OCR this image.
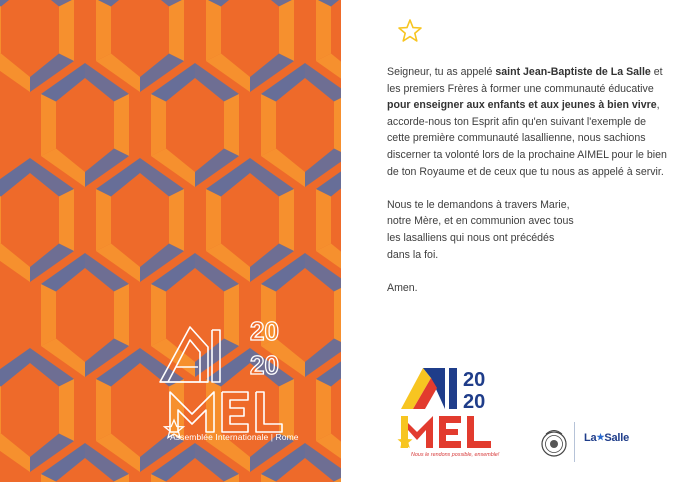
20
20
Assemblée Internationale | Rome

Seigneur, tu as appelé saint Jean-Baptiste de La Salle et les premiers Frères à former une communauté éducative pour enseigner aux enfants et aux jeunes à bien vivre, accorde-nous ton Esprit afin qu'en suivant l'exemple de cette première communauté lasallienne, nous sachions discerner ta volonté lors de la prochaine AIMEL pour le bien de ton Royaume et de ceux que tu nous as appelé à servir.

Nous te le demandons à travers Marie,
notre Mère, et en communion avec tous
les lasalliens qui nous ont précédés
dans la foi.

Amen.

20
20
Nous le rendons possible, ensemble!
La★Salle
